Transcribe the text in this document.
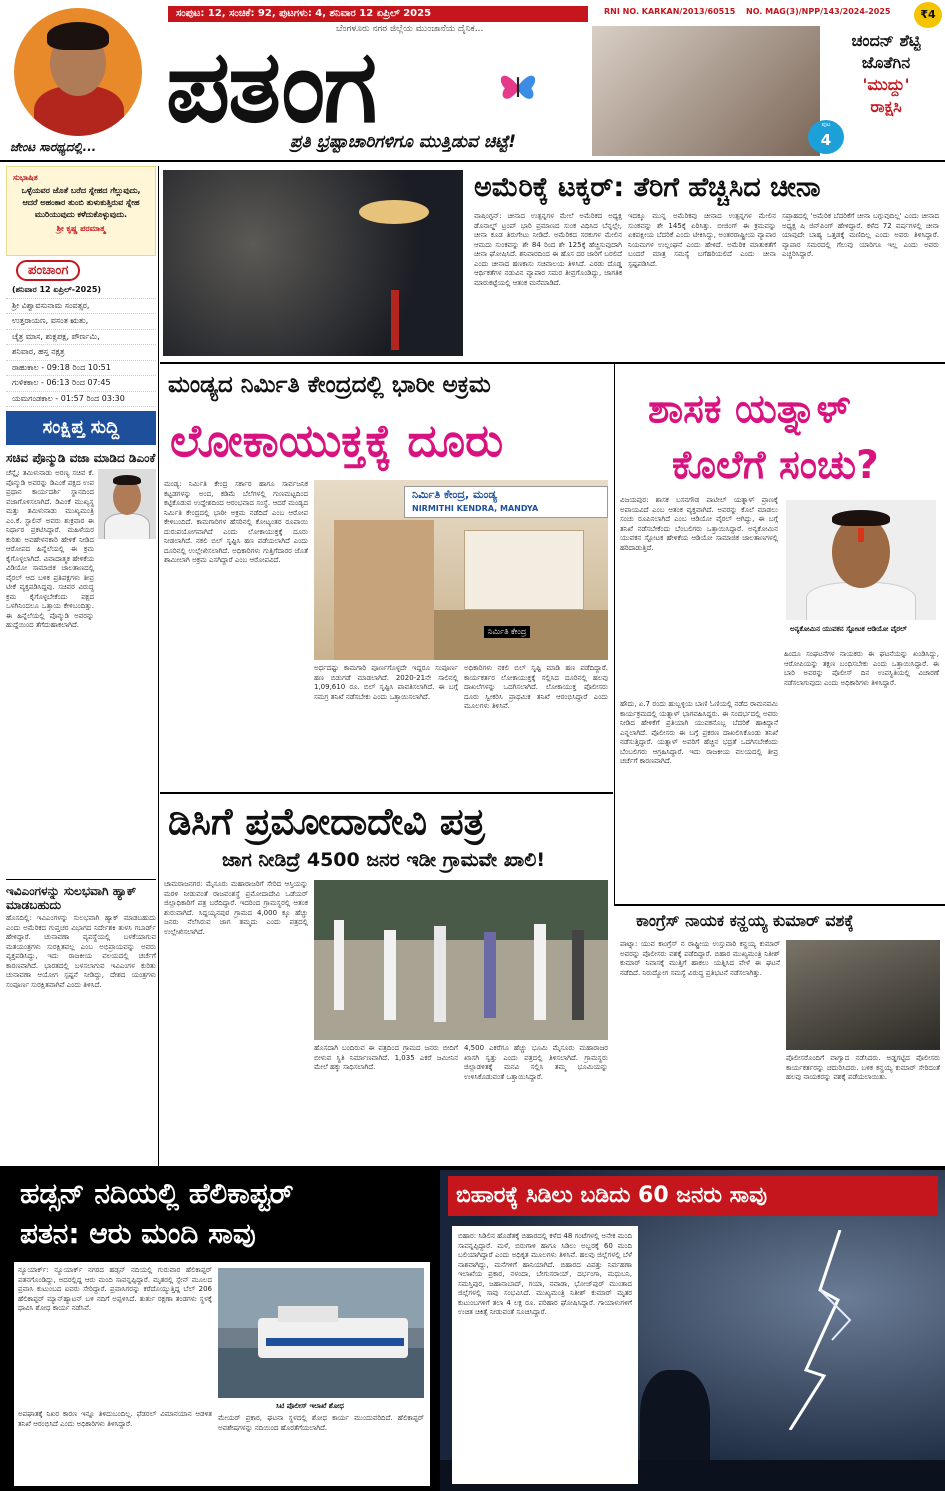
ಜೇಂಟ ಸಾರಥ್ಯದಲ್ಲಿ...
ಸಂಪುಟ: 12, ಸಂಚಿಕೆ: 92, ಪುಟಗಳು: 4, ಶನಿವಾರ 12 ಏಪ್ರಿಲ್ 2025	RNI NO. KARKAN/2013/60515 NO. MAG(3)/NPP/143/2024-2025	₹4
ಬೆಂಗಳೂರು ನಗರ ಜಿಲ್ಲೆಯ ಮುಂಜಾನೆಯ ದೈನಿಕ...
ಪತಂಗ
ಪ್ರತಿ ಭ್ರಷ್ಟಾಚಾರಿಗಳಿಗೂ ಮುತ್ತಿಡುವ ಚಿಟ್ಟೆ!
ಚಂದನ್ ಶೆಟ್ಟಿ
ಜೊತೆಗಿನ
'ಮುದ್ದು'
ರಾಕ್ಷಸಿ
ಪುಟ
4
ಸುಭಾಷಿತ
ಒಳ್ಳೆಯವರ ಜೊತೆ ಬರೆದ ಸ್ನೇಹದ ಗೆಲ್ಲುವುದು, ಆದರೆ ಅಹಂಕಾರ ತುಂಬಿ ತುಳುಕುತ್ತಿರುವ ಸ್ನೇಹ ಮುರಿಯುವುದು ಕಳೆದುಕೊಳ್ಳುವುದು.
ಶ್ರೀ ಕೃಷ್ಣ ಪರಮಾತ್ಮ
ಪಂಚಾಂಗ
(ಶನಿವಾರ 12 ಏಪ್ರಿಲ್-2025)
ಶ್ರೀ ವಿಶ್ವಾವಸುನಾಮ ಸಂವತ್ಸರ,
ಉತ್ತರಾಯಣ, ವಸಂತ ಋತು,
ಚೈತ್ರ ಮಾಸ, ಶುಕ್ಲಪಕ್ಷ, ಪೌರ್ಣಮಿ,
ಶನಿವಾರ, ಹಸ್ತ ನಕ್ಷತ್ರ
ರಾಹುಕಾಲ - 09:18 ರಿಂದ 10:51
ಗುಳಿಕಕಾಲ - 06:13 ರಿಂದ 07:45
ಯಮಗಂಡಕಾಲ - 01:57 ರಿಂದ 03:30
ಸಂಕ್ಷಿಪ್ತ ಸುದ್ದಿ
ಸಚಿವ ಪೊನ್ಮುಡಿ ವಜಾ ಮಾಡಿದ ಡಿಎಂಕೆ
ಚೆನ್ನೈ: ತಮಿಳುನಾಡು ಅರಣ್ಯ ಸಚಿವ ಕೆ. ಪೊನ್ಮುಡಿ ಅವರನ್ನು ಡಿಎಂಕೆ ಪಕ್ಷದ ಉಪ ಪ್ರಧಾನ ಕಾರ್ಯದರ್ಶಿ ಸ್ಥಾನದಿಂದ ವಜಾಗೊಳಿಸಲಾಗಿದೆ. ಡಿಎಂಕೆ ಮುಖ್ಯಸ್ಥ ಮತ್ತು ತಮಿಳುನಾಡು ಮುಖ್ಯಮಂತ್ರಿ ಎಂ.ಕೆ. ಸ್ಟಾಲಿನ್ ಅವರು ಶುಕ್ರವಾರ ಈ ನಿರ್ಧಾರ ಪ್ರಕಟಿಸಿದ್ದಾರೆ. ಮಹಿಳೆಯರ ಕುರಿತು ಅವಹೇಳನಕಾರಿ ಹೇಳಿಕೆ ನೀಡಿದ ಆರೋಪದ ಹಿನ್ನೆಲೆಯಲ್ಲಿ ಈ ಕ್ರಮ ಕೈಗೊಳ್ಳಲಾಗಿದೆ. ವಿವಾದಾತ್ಮಕ ಹೇಳಿಕೆಯ ವಿಡಿಯೋ ಸಾಮಾಜಿಕ ಜಾಲತಾಣದಲ್ಲಿ ವೈರಲ್ ಆದ ಬಳಿಕ ಪ್ರತಿಪಕ್ಷಗಳು ತೀವ್ರ ಟೀಕೆ ವ್ಯಕ್ತಪಡಿಸಿದ್ದವು. ಸಚಿವರ ವಿರುದ್ಧ ಕ್ರಮ ಕೈಗೊಳ್ಳಬೇಕೆಂದು ಪಕ್ಷದ ಒಳಗಿನಿಂದಲೂ ಒತ್ತಾಯ ಕೇಳಿಬಂದಿತ್ತು. ಈ ಹಿನ್ನೆಲೆಯಲ್ಲಿ ಪೊನ್ಮುಡಿ ಅವರನ್ನು ಹುದ್ದೆಯಿಂದ ತೆಗೆದುಹಾಕಲಾಗಿದೆ.
ಇವಿಎಂಗಳನ್ನು ಸುಲಭವಾಗಿ ಹ್ಯಾಕ್ ಮಾಡಬಹುದು
ಹೊಸದಿಲ್ಲಿ: ಇವಿಎಂಗಳನ್ನು ಸುಲಭವಾಗಿ ಹ್ಯಾಕ್ ಮಾಡಬಹುದು ಎಂದು ಅಮೆರಿಕದ ಗುಪ್ತಚರ ವಿಭಾಗದ ನಿರ್ದೇಶಕಿ ತುಳಸಿ ಗಬಾರ್ಡ್ ಹೇಳಿದ್ದಾರೆ. ಚುನಾವಣಾ ವ್ಯವಸ್ಥೆಯಲ್ಲಿ ಬಳಕೆಯಾಗುವ ಮತಯಂತ್ರಗಳು ಸುರಕ್ಷಿತವಲ್ಲ ಎಂಬ ಅಭಿಪ್ರಾಯವನ್ನು ಅವರು ವ್ಯಕ್ತಪಡಿಸಿದ್ದು, ಇದು ರಾಜಕೀಯ ವಲಯದಲ್ಲಿ ಚರ್ಚೆಗೆ ಕಾರಣವಾಗಿದೆ. ಭಾರತದಲ್ಲಿ ಬಳಸಲಾಗುವ ಇವಿಎಂಗಳ ಕುರಿತು ಚುನಾವಣಾ ಆಯೋಗ ಸ್ಪಷ್ಟನೆ ನೀಡಿದ್ದು, ದೇಶದ ಯಂತ್ರಗಳು ಸಂಪೂರ್ಣ ಸುರಕ್ಷಿತವಾಗಿವೆ ಎಂದು ತಿಳಿಸಿದೆ.
ಅಮೆರಿಕ್ಕೆ ಟಕ್ಕರ್: ತೆರಿಗೆ ಹೆಚ್ಚಿಸಿದ ಚೀನಾ
ವಾಷಿಂಗ್ಟನ್: ಚೀನಾದ ಉತ್ಪನ್ನಗಳ ಮೇಲೆ ಅಮೆರಿಕದ ಅಧ್ಯಕ್ಷ ಡೊನಾಲ್ಡ್ ಟ್ರಂಪ್ ಭಾರಿ ಪ್ರಮಾಣದ ಸುಂಕ ವಿಧಿಸಿದ ಬೆನ್ನಲ್ಲೇ, ಚೀನಾ ಕೂಡ ತಿರುಗೇಟು ನೀಡಿದೆ. ಅಮೆರಿಕದ ಸರಕುಗಳ ಮೇಲಿನ ಆಮದು ಸುಂಕವನ್ನು ಶೇ 84 ರಿಂದ ಶೇ 125ಕ್ಕೆ ಹೆಚ್ಚಿಸುವುದಾಗಿ ಚೀನಾ ಘೋಷಿಸಿದೆ. ಶನಿವಾರದಿಂದ ಈ ಹೊಸ ದರ ಜಾರಿಗೆ ಬರಲಿದೆ ಎಂದು ಚೀನಾದ ಹಣಕಾಸು ಸಚಿವಾಲಯ ತಿಳಿಸಿದೆ. ಎರಡು ದೊಡ್ಡ ಆರ್ಥಿಕತೆಗಳ ನಡುವಿನ ವ್ಯಾಪಾರ ಸಮರ ತೀವ್ರಗೊಂಡಿದ್ದು, ಜಾಗತಿಕ ಮಾರುಕಟ್ಟೆಯಲ್ಲಿ ಆತಂಕ ಮನೆಮಾಡಿದೆ.
ಇದಕ್ಕೂ ಮುನ್ನ ಅಮೆರಿಕವು ಚೀನಾದ ಉತ್ಪನ್ನಗಳ ಮೇಲಿನ ಸುಂಕವನ್ನು ಶೇ 145ಕ್ಕೆ ಏರಿಸಿತ್ತು. ಬೀಜಿಂಗ್ ಈ ಕ್ರಮವನ್ನು ಏಕಪಕ್ಷೀಯ ಬೆದರಿಕೆ ಎಂದು ಟೀಕಿಸಿದ್ದು, ಅಂತರರಾಷ್ಟ್ರೀಯ ವ್ಯಾಪಾರ ನಿಯಮಗಳ ಉಲ್ಲಂಘನೆ ಎಂದು ಹೇಳಿದೆ. ಅಮೆರಿಕ ಮಾತುಕತೆಗೆ ಬಂದರೆ ಮಾತ್ರ ಸಮಸ್ಯೆ ಬಗೆಹರಿಯಲಿದೆ ಎಂದು ಚೀನಾ ಸ್ಪಷ್ಟಪಡಿಸಿದೆ.
ಸಪ್ತಾಹದಲ್ಲಿ 'ಅಮೆರಿಕ ಬೆದರಿಕೆಗೆ ಚೀನಾ ಬಗ್ಗುವುದಿಲ್ಲ' ಎಂದು ಚೀನಾದ ಅಧ್ಯಕ್ಷ ಷಿ ಜಿನ್‌ಪಿಂಗ್ ಹೇಳಿದ್ದಾರೆ. ಕಳೆದ 72 ವರ್ಷಗಳಲ್ಲಿ ಚೀನಾ ಯಾವುದೇ ಬಾಹ್ಯ ಒತ್ತಡಕ್ಕೆ ಮಣಿದಿಲ್ಲ ಎಂದು ಅವರು ತಿಳಿಸಿದ್ದಾರೆ. ವ್ಯಾಪಾರ ಸಮರದಲ್ಲಿ ಗೆಲುವು ಯಾರಿಗೂ ಇಲ್ಲ ಎಂದು ಅವರು ಎಚ್ಚರಿಸಿದ್ದಾರೆ.
ಮಂಡ್ಯದ ನಿರ್ಮಿತಿ ಕೇಂದ್ರದಲ್ಲಿ ಭಾರೀ ಅಕ್ರಮ
ಲೋಕಾಯುಕ್ತಕ್ಕೆ ದೂರು
ಮಂಡ್ಯ: ನಿರ್ಮಿತಿ ಕೇಂದ್ರ ಸರ್ಕಾರ ಹಾಗೂ ಸಾರ್ವಜನಿಕ ಕಟ್ಟಡಗಳನ್ನು ಅಂದ, ಕಡಿಮೆ ಬೆಲೆಗಳಲ್ಲಿ ಗುಣಮಟ್ಟದಿಂದ ಕಟ್ಟಿಕೊಡುವ ಉದ್ದೇಶದಿಂದ ಆರಂಭವಾದ ಸಂಸ್ಥೆ. ಆದರೆ ಮಂಡ್ಯದ ನಿರ್ಮಿತಿ ಕೇಂದ್ರದಲ್ಲಿ ಭಾರೀ ಅಕ್ರಮ ನಡೆದಿದೆ ಎಂಬ ಆರೋಪ ಕೇಳಿಬಂದಿದೆ. ಕಾಮಗಾರಿಗಳ ಹೆಸರಿನಲ್ಲಿ ಕೋಟ್ಯಂತರ ರೂಪಾಯಿ ದುರುಪಯೋಗವಾಗಿದೆ ಎಂದು ಲೋಕಾಯುಕ್ತಕ್ಕೆ ದೂರು ನೀಡಲಾಗಿದೆ. ನಕಲಿ ಬಿಲ್ ಸೃಷ್ಟಿಸಿ ಹಣ ಪಡೆಯಲಾಗಿದೆ ಎಂದು ದೂರಿನಲ್ಲಿ ಉಲ್ಲೇಖಿಸಲಾಗಿದೆ. ಅಧಿಕಾರಿಗಳು ಗುತ್ತಿಗೆದಾರರ ಜೊತೆ ಶಾಮೀಲಾಗಿ ಅಕ್ರಮ ಎಸಗಿದ್ದಾರೆ ಎಂಬ ಆರೋಪವಿದೆ.
ನಿರ್ಮಿತಿ ಕೇಂದ್ರ, ಮಂಡ್ಯ
NIRMITHI KENDRA, MANDYA
ನಿರ್ಮಿತಿ ಕೇಂದ್ರ
ಅರ್ಧದಷ್ಟು ಕಾಮಗಾರಿ ಪೂರ್ಣಗೊಳ್ಳದೇ ಇದ್ದರೂ ಸಂಪೂರ್ಣ ಹಣ ಬಿಡುಗಡೆ ಮಾಡಲಾಗಿದೆ. 2020-21ನೇ ಸಾಲಿನಲ್ಲಿ 1,09,610 ರೂ. ಬಿಲ್ ಸೃಷ್ಟಿಸಿ ಪಾವತಿಸಲಾಗಿದೆ. ಈ ಬಗ್ಗೆ ಸಮಗ್ರ ತನಿಖೆ ನಡೆಸಬೇಕು ಎಂದು ಒತ್ತಾಯಿಸಲಾಗಿದೆ.
ಅಧಿಕಾರಿಗಳು ನಕಲಿ ಬಿಲ್ ಸೃಷ್ಟಿ ಮಾಡಿ ಹಣ ಪಡೆದಿದ್ದಾರೆ. ಕಾರ್ಯಕರ್ತರ ಲೋಕಾಯುಕ್ತಕ್ಕೆ ಸಲ್ಲಿಸಿದ ದೂರಿನಲ್ಲಿ ಹಲವು ದಾಖಲೆಗಳನ್ನು ಒದಗಿಸಲಾಗಿದೆ. ಲೋಕಾಯುಕ್ತ ಪೊಲೀಸರು ದೂರು ಸ್ವೀಕರಿಸಿ ಪ್ರಾಥಮಿಕ ತನಿಖೆ ಆರಂಭಿಸಿದ್ದಾರೆ ಎಂದು ಮೂಲಗಳು ತಿಳಿಸಿವೆ.
ಶಾಸಕ ಯತ್ನಾಳ್
ಕೊಲೆಗೆ ಸಂಚು?
ವಿಜಯಪುರ: ಶಾಸಕ ಬಸನಗೌಡ ಪಾಟೀಲ್ ಯತ್ನಾಳ್ ಪ್ರಾಣಕ್ಕೆ ಅಪಾಯವಿದೆ ಎಂಬ ಆತಂಕ ವ್ಯಕ್ತವಾಗಿದೆ. ಅವರನ್ನು ಕೊಲೆ ಮಾಡಲು ಸಂಚು ರೂಪಿಸಲಾಗಿದೆ ಎಂಬ ಆಡಿಯೋ ವೈರಲ್ ಆಗಿದ್ದು, ಈ ಬಗ್ಗೆ ತನಿಖೆ ನಡೆಸಬೇಕೆಂದು ಬೆಂಬಲಿಗರು ಒತ್ತಾಯಿಸಿದ್ದಾರೆ. ಅನ್ಯಕೋಮಿನ ಯುವಕನ ಸ್ಟೋಟಕ ಹೇಳಿಕೆಯ ಆಡಿಯೋ ಸಾಮಾಜಿಕ ಜಾಲತಾಣಗಳಲ್ಲಿ ಹರಿದಾಡುತ್ತಿದೆ.
ಅನ್ಯಕೋಮಿನ ಯುವಕನ ಸ್ಟೋಟಕ ಆಡಿಯೋ ವೈರಲ್
ಹೌದು, ಏ.7 ರಂದು ಹುಬ್ಬಳ್ಳಿಯ ಬಾಣಿ ಓಣಿಯಲ್ಲಿ ನಡೆದ ರಾಮನವಮಿ ಕಾರ್ಯಕ್ರಮದಲ್ಲಿ ಯತ್ನಾಳ್ ಭಾಗವಹಿಸಿದ್ದರು. ಈ ಸಂದರ್ಭದಲ್ಲಿ ಅವರು ನೀಡಿದ ಹೇಳಿಕೆಗೆ ಪ್ರತಿಯಾಗಿ ಯುವಕನೊಬ್ಬ ಬೆದರಿಕೆ ಹಾಕಿದ್ದಾನೆ ಎನ್ನಲಾಗಿದೆ. ಪೊಲೀಸರು ಈ ಬಗ್ಗೆ ಪ್ರಕರಣ ದಾಖಲಿಸಿಕೊಂಡು ತನಿಖೆ ನಡೆಸುತ್ತಿದ್ದಾರೆ. ಯತ್ನಾಳ್ ಅವರಿಗೆ ಹೆಚ್ಚಿನ ಭದ್ರತೆ ಒದಗಿಸಬೇಕೆಂದು ಬೆಂಬಲಿಗರು ಆಗ್ರಹಿಸಿದ್ದಾರೆ. ಇದು ರಾಜಕೀಯ ವಲಯದಲ್ಲಿ ತೀವ್ರ ಚರ್ಚೆಗೆ ಕಾರಣವಾಗಿದೆ.
ಹಿಂದೂ ಸಂಘಟನೆಗಳ ನಾಯಕರು ಈ ಘಟನೆಯನ್ನು ಖಂಡಿಸಿದ್ದು, ಆರೋಪಿಯನ್ನು ತಕ್ಷಣ ಬಂಧಿಸಬೇಕು ಎಂದು ಒತ್ತಾಯಿಸಿದ್ದಾರೆ. ಈ ಬಾರಿ ಅವರನ್ನು ಪೊಲೀಸ್ ದಿನ ಉಪಸ್ಥಿತಿಯಲ್ಲಿ ವಿಚಾರಣೆ ನಡೆಸಲಾಗುವುದು ಎಂದು ಅಧಿಕಾರಿಗಳು ತಿಳಿಸಿದ್ದಾರೆ.
ಡಿಸಿಗೆ ಪ್ರಮೋದಾದೇವಿ ಪತ್ರ
ಜಾಗ ನೀಡಿದ್ರೆ 4500 ಜನರ ಇಡೀ ಗ್ರಾಮವೇ ಖಾಲಿ!
ಚಾಮರಾಜನಗರ: ಮೈಸೂರು ಮಹಾರಾಜರಿಗೆ ಸೇರಿದ ಆಸ್ತಿಯನ್ನು ಮರಳಿ ನೀಡುವಂತೆ ರಾಜವಂಶಸ್ಥೆ ಪ್ರಮೋದಾದೇವಿ ಒಡೆಯರ್ ಜಿಲ್ಲಾಧಿಕಾರಿಗೆ ಪತ್ರ ಬರೆದಿದ್ದಾರೆ. ಇದರಿಂದ ಗ್ರಾಮಸ್ಥರಲ್ಲಿ ಆತಂಕ ಶುರುವಾಗಿದೆ. ಸಿದ್ದಯ್ಯನಪುರ ಗ್ರಾಮದ 4,000 ಕ್ಕೂ ಹೆಚ್ಚು ಜನರು ನೆಲೆಸಿರುವ ಜಾಗ ತಮ್ಮದು ಎಂದು ಪತ್ರದಲ್ಲಿ ಉಲ್ಲೇಖಿಸಲಾಗಿದೆ.
ಹೊಸದಾಗಿ ಬಂದಿರುವ ಈ ಪತ್ರದಿಂದ ಗ್ರಾಮದ ಜನರು ಬೀದಿಗೆ ಬೀಳುವ ಸ್ಥಿತಿ ನಿರ್ಮಾಣವಾಗಿದೆ. 1,035 ಎಕರೆ ಜಮೀನಿನ ಮೇಲೆ ಹಕ್ಕು ಸಾಧಿಸಲಾಗಿದೆ.
4,500 ಎಕರೆಗೂ ಹೆಚ್ಚು ಭೂಮಿ ಮೈಸೂರು ಮಹಾರಾಜರ ಖಾಸಗಿ ಸ್ವತ್ತು ಎಂದು ಪತ್ರದಲ್ಲಿ ತಿಳಿಸಲಾಗಿದೆ. ಗ್ರಾಮಸ್ಥರು ಜಿಲ್ಲಾಡಳಿತಕ್ಕೆ ಮನವಿ ಸಲ್ಲಿಸಿ ತಮ್ಮ ಭೂಮಿಯನ್ನು ಉಳಿಸಿಕೊಡುವಂತೆ ಒತ್ತಾಯಿಸಿದ್ದಾರೆ.
ಕಾಂಗ್ರೆಸ್ ನಾಯಕ ಕನ್ಹಯ್ಯ ಕುಮಾರ್ ವಶಕ್ಕೆ
ಪಾಟ್ನಾ: ಯುವ ಕಾಂಗ್ರೆಸ್ ನ ರಾಷ್ಟ್ರೀಯ ಉಸ್ತುವಾರಿ ಕನ್ಹಯ್ಯ ಕುಮಾರ್ ಅವರನ್ನು ಪೊಲೀಸರು ವಶಕ್ಕೆ ಪಡೆದಿದ್ದಾರೆ. ಬಿಹಾರ ಮುಖ್ಯಮಂತ್ರಿ ನಿತೀಶ್ ಕುಮಾರ್ ನಿವಾಸಕ್ಕೆ ಮುತ್ತಿಗೆ ಹಾಕಲು ಯತ್ನಿಸಿದ ವೇಳೆ ಈ ಘಟನೆ ನಡೆದಿದೆ. ನಿರುದ್ಯೋಗ ಸಮಸ್ಯೆ ವಿರುದ್ಧ ಪ್ರತಿಭಟನೆ ನಡೆಸಲಾಗಿತ್ತು.
ಪೊಲೀಸರೊಂದಿಗೆ ವಾಗ್ವಾದ ನಡೆಸಿದರು. ಅಡ್ಡಗಟ್ಟಿದ ಪೊಲೀಸರು ಕಾರ್ಯಕರ್ತರನ್ನು ಚದುರಿಸಿದರು. ಬಳಿಕ ಕನ್ಹಯ್ಯ ಕುಮಾರ್ ಸೇರಿದಂತೆ ಹಲವು ನಾಯಕರನ್ನು ವಶಕ್ಕೆ ಪಡೆಯಲಾಯಿತು.
ಹಡ್ಸನ್ ನದಿಯಲ್ಲಿ ಹೆಲಿಕಾಪ್ಟರ್
ಪತನ: ಆರು ಮಂದಿ ಸಾವು
ನ್ಯೂಯಾರ್ಕ್: ನ್ಯೂಯಾರ್ಕ್ ನಗರದ ಹಡ್ಸನ್ ನದಿಯಲ್ಲಿ ಗುರುವಾರ ಹೆಲಿಕಾಪ್ಟರ್ ಪತನಗೊಂಡಿದ್ದು, ಅದರಲ್ಲಿದ್ದ ಆರು ಮಂದಿ ಸಾವನ್ನಪ್ಪಿದ್ದಾರೆ. ಮೃತರಲ್ಲಿ ಸ್ಪೇನ್ ಮೂಲದ ಪ್ರವಾಸಿ ಕುಟುಂಬದ ಐವರು ಸೇರಿದ್ದಾರೆ. ಪ್ರವಾಸಿಗರನ್ನು ಕರೆದೊಯ್ಯುತ್ತಿದ್ದ ಬೆಲ್ 206 ಹೆಲಿಕಾಪ್ಟರ್ ಮ್ಯಾನ್‌ಹ್ಯಾಟನ್ ಬಳಿ ನದಿಗೆ ಅಪ್ಪಳಿಸಿದೆ. ತುರ್ತು ರಕ್ಷಣಾ ತಂಡಗಳು ಸ್ಥಳಕ್ಕೆ ಧಾವಿಸಿ ಶೋಧ ಕಾರ್ಯ ನಡೆಸಿವೆ.
ಸಿಟಿ ಪೊಲೀಸ್ ಇಲಾಖೆ ಶೋಧ
ಅಪಘಾತಕ್ಕೆ ನಿಖರ ಕಾರಣ ಇನ್ನೂ ತಿಳಿದುಬಂದಿಲ್ಲ. ಫೆಡರಲ್ ವಿಮಾನಯಾನ ಆಡಳಿತ ತನಿಖೆ ಆರಂಭಿಸಿದೆ ಎಂದು ಅಧಿಕಾರಿಗಳು ತಿಳಿಸಿದ್ದಾರೆ.
ಮೇಯರ್ ಪ್ರಕಾರ, ಘಟನಾ ಸ್ಥಳದಲ್ಲಿ ಶೋಧ ಕಾರ್ಯ ಮುಂದುವರಿದಿದೆ. ಹೆಲಿಕಾಪ್ಟರ್ ಅವಶೇಷಗಳನ್ನು ನದಿಯಿಂದ ಹೊರತೆಗೆಯಲಾಗಿದೆ.
ಬಿಹಾರಕ್ಕೆ ಸಿಡಿಲು ಬಡಿದು 60 ಜನರು ಸಾವು
ಬಿಹಾರ: ಸಿಡಿಲಿನ ಹೊಡೆತಕ್ಕೆ ಬಿಹಾರದಲ್ಲಿ ಕಳೆದ 48 ಗಂಟೆಗಳಲ್ಲಿ ಅನೇಕ ಮಂದಿ ಸಾವನ್ನಪ್ಪಿದ್ದಾರೆ. ಮಳೆ, ಬಿರುಗಾಳಿ ಹಾಗೂ ಸಿಡಿಲು ಅಬ್ಬರಕ್ಕೆ 60 ಮಂದಿ ಬಲಿಯಾಗಿದ್ದಾರೆ ಎಂದು ಅಧಿಕೃತ ಮೂಲಗಳು ತಿಳಿಸಿವೆ. ಹಲವು ಜಿಲ್ಲೆಗಳಲ್ಲಿ ಬೆಳೆ ನಾಶವಾಗಿದ್ದು, ಮನೆಗಳಿಗೆ ಹಾನಿಯಾಗಿದೆ. ಬಿಹಾರದ ವಿಪತ್ತು ನಿರ್ವಹಣಾ ಇಲಾಖೆಯ ಪ್ರಕಾರ, ನಳಂದಾ, ಬೇಗುಸರಾಯ್, ದರ್ಭಂಗಾ, ಮಧುಬನಿ, ಸಮಸ್ತಿಪುರ, ಜಹಾನಾಬಾದ್, ಗಯಾ, ನವಾಡಾ, ಭೋಜ್‌ಪುರ್ ಮುಂತಾದ ಜಿಲ್ಲೆಗಳಲ್ಲಿ ಸಾವು ಸಂಭವಿಸಿದೆ. ಮುಖ್ಯಮಂತ್ರಿ ನಿತೀಶ್ ಕುಮಾರ್ ಮೃತರ ಕುಟುಂಬಗಳಿಗೆ ತಲಾ 4 ಲಕ್ಷ ರೂ. ಪರಿಹಾರ ಘೋಷಿಸಿದ್ದಾರೆ. ಗಾಯಾಳುಗಳಿಗೆ ಉಚಿತ ಚಿಕಿತ್ಸೆ ನೀಡುವಂತೆ ಸೂಚಿಸಿದ್ದಾರೆ.
